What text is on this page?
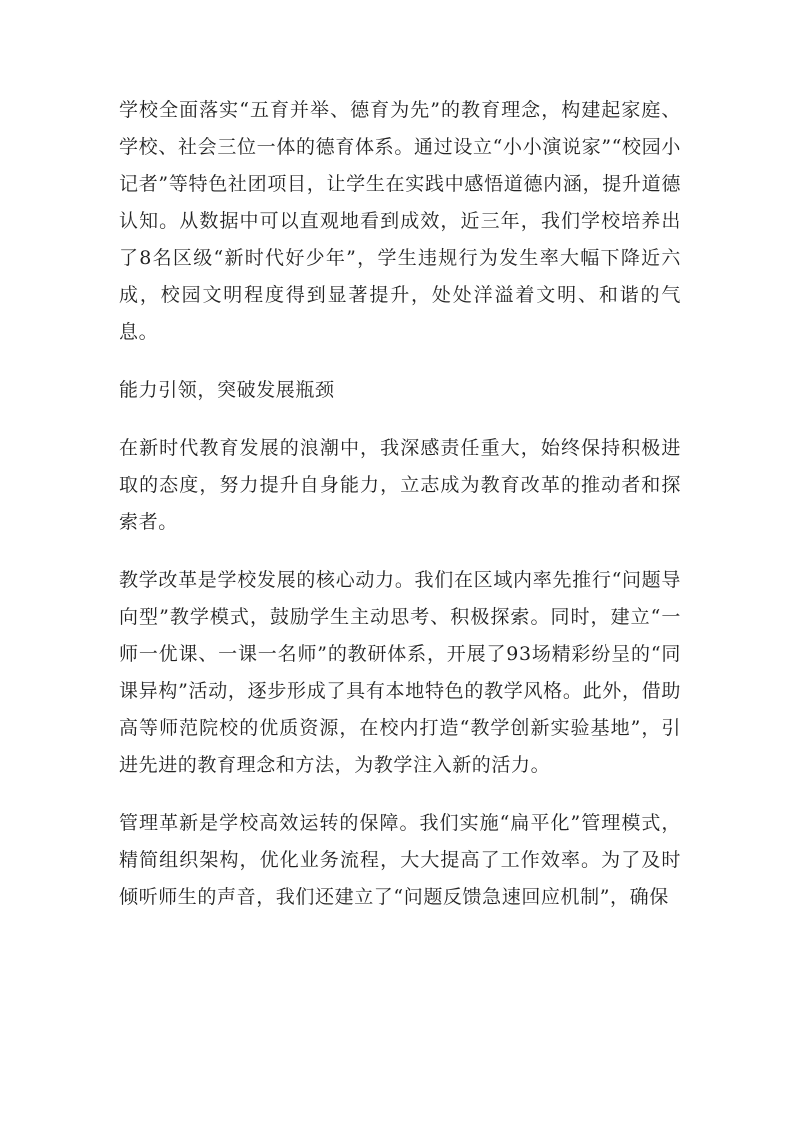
学校全面落实“五育并举、德育为先”的教育理念，构建起家庭、学校、社会三位一体的德育体系。通过设立“小小演说家”“校园小记者”等特色社团项目，让学生在实践中感悟道德内涵，提升道德认知。从数据中可以直观地看到成效，近三年，我们学校培养出了8名区级“新时代好少年”，学生违规行为发生率大幅下降近六成，校园文明程度得到显著提升，处处洋溢着文明、和谐的气息。

能力引领，突破发展瓶颈

在新时代教育发展的浪潮中，我深感责任重大，始终保持积极进取的态度，努力提升自身能力，立志成为教育改革的推动者和探索者。

教学改革是学校发展的核心动力。我们在区域内率先推行“问题导向型”教学模式，鼓励学生主动思考、积极探索。同时，建立“一师一优课、一课一名师”的教研体系，开展了93场精彩纷呈的“同课异构”活动，逐步形成了具有本地特色的教学风格。此外，借助高等师范院校的优质资源，在校内打造“教学创新实验基地”，引进先进的教育理念和方法，为教学注入新的活力。

管理革新是学校高效运转的保障。我们实施“扁平化”管理模式，精简组织架构，优化业务流程，大大提高了工作效率。为了及时倾听师生的声音，我们还建立了“问题反馈急速回应机制”，确保
